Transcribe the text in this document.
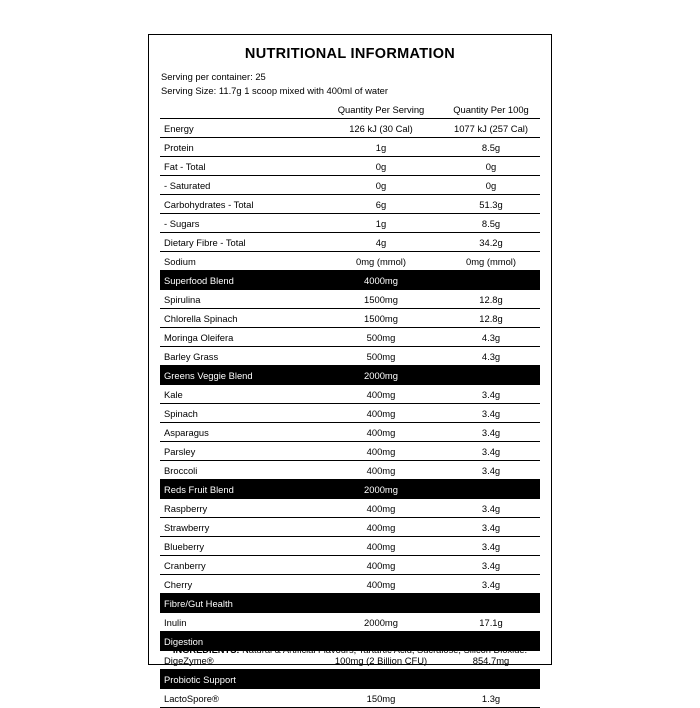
NUTRITIONAL INFORMATION
Serving per container: 25
Serving Size: 11.7g 1 scoop mixed with 400ml of water
	Quantity Per Serving	Quantity Per 100g
Energy	126 kJ (30 Cal)	1077 kJ (257 Cal)
Protein	1g	8.5g
Fat - Total	0g	0g
- Saturated	0g	0g
Carbohydrates - Total	6g	51.3g
- Sugars	1g	8.5g
Dietary Fibre - Total	4g	34.2g
Sodium	0mg (mmol)	0mg (mmol)
Superfood Blend	4000mg	
Spirulina	1500mg	12.8g
Chlorella Spinach	1500mg	12.8g
Moringa Oleifera	500mg	4.3g
Barley Grass	500mg	4.3g
Greens Veggie Blend	2000mg	
Kale	400mg	3.4g
Spinach	400mg	3.4g
Asparagus	400mg	3.4g
Parsley	400mg	3.4g
Broccoli	400mg	3.4g
Reds Fruit Blend	2000mg	
Raspberry	400mg	3.4g
Strawberry	400mg	3.4g
Blueberry	400mg	3.4g
Cranberry	400mg	3.4g
Cherry	400mg	3.4g
Fibre/Gut Health		
Inulin	2000mg	17.1g
Digestion		
DigeZyme®	100mg (2 Billion CFU)	854.7mg
Probiotic Support		
LactoSpore®	150mg	1.3g
INGREDIENTS: Natural & Artificial Flavours, Tartartic Acid, Sucralose, Silicon Dioxide.
